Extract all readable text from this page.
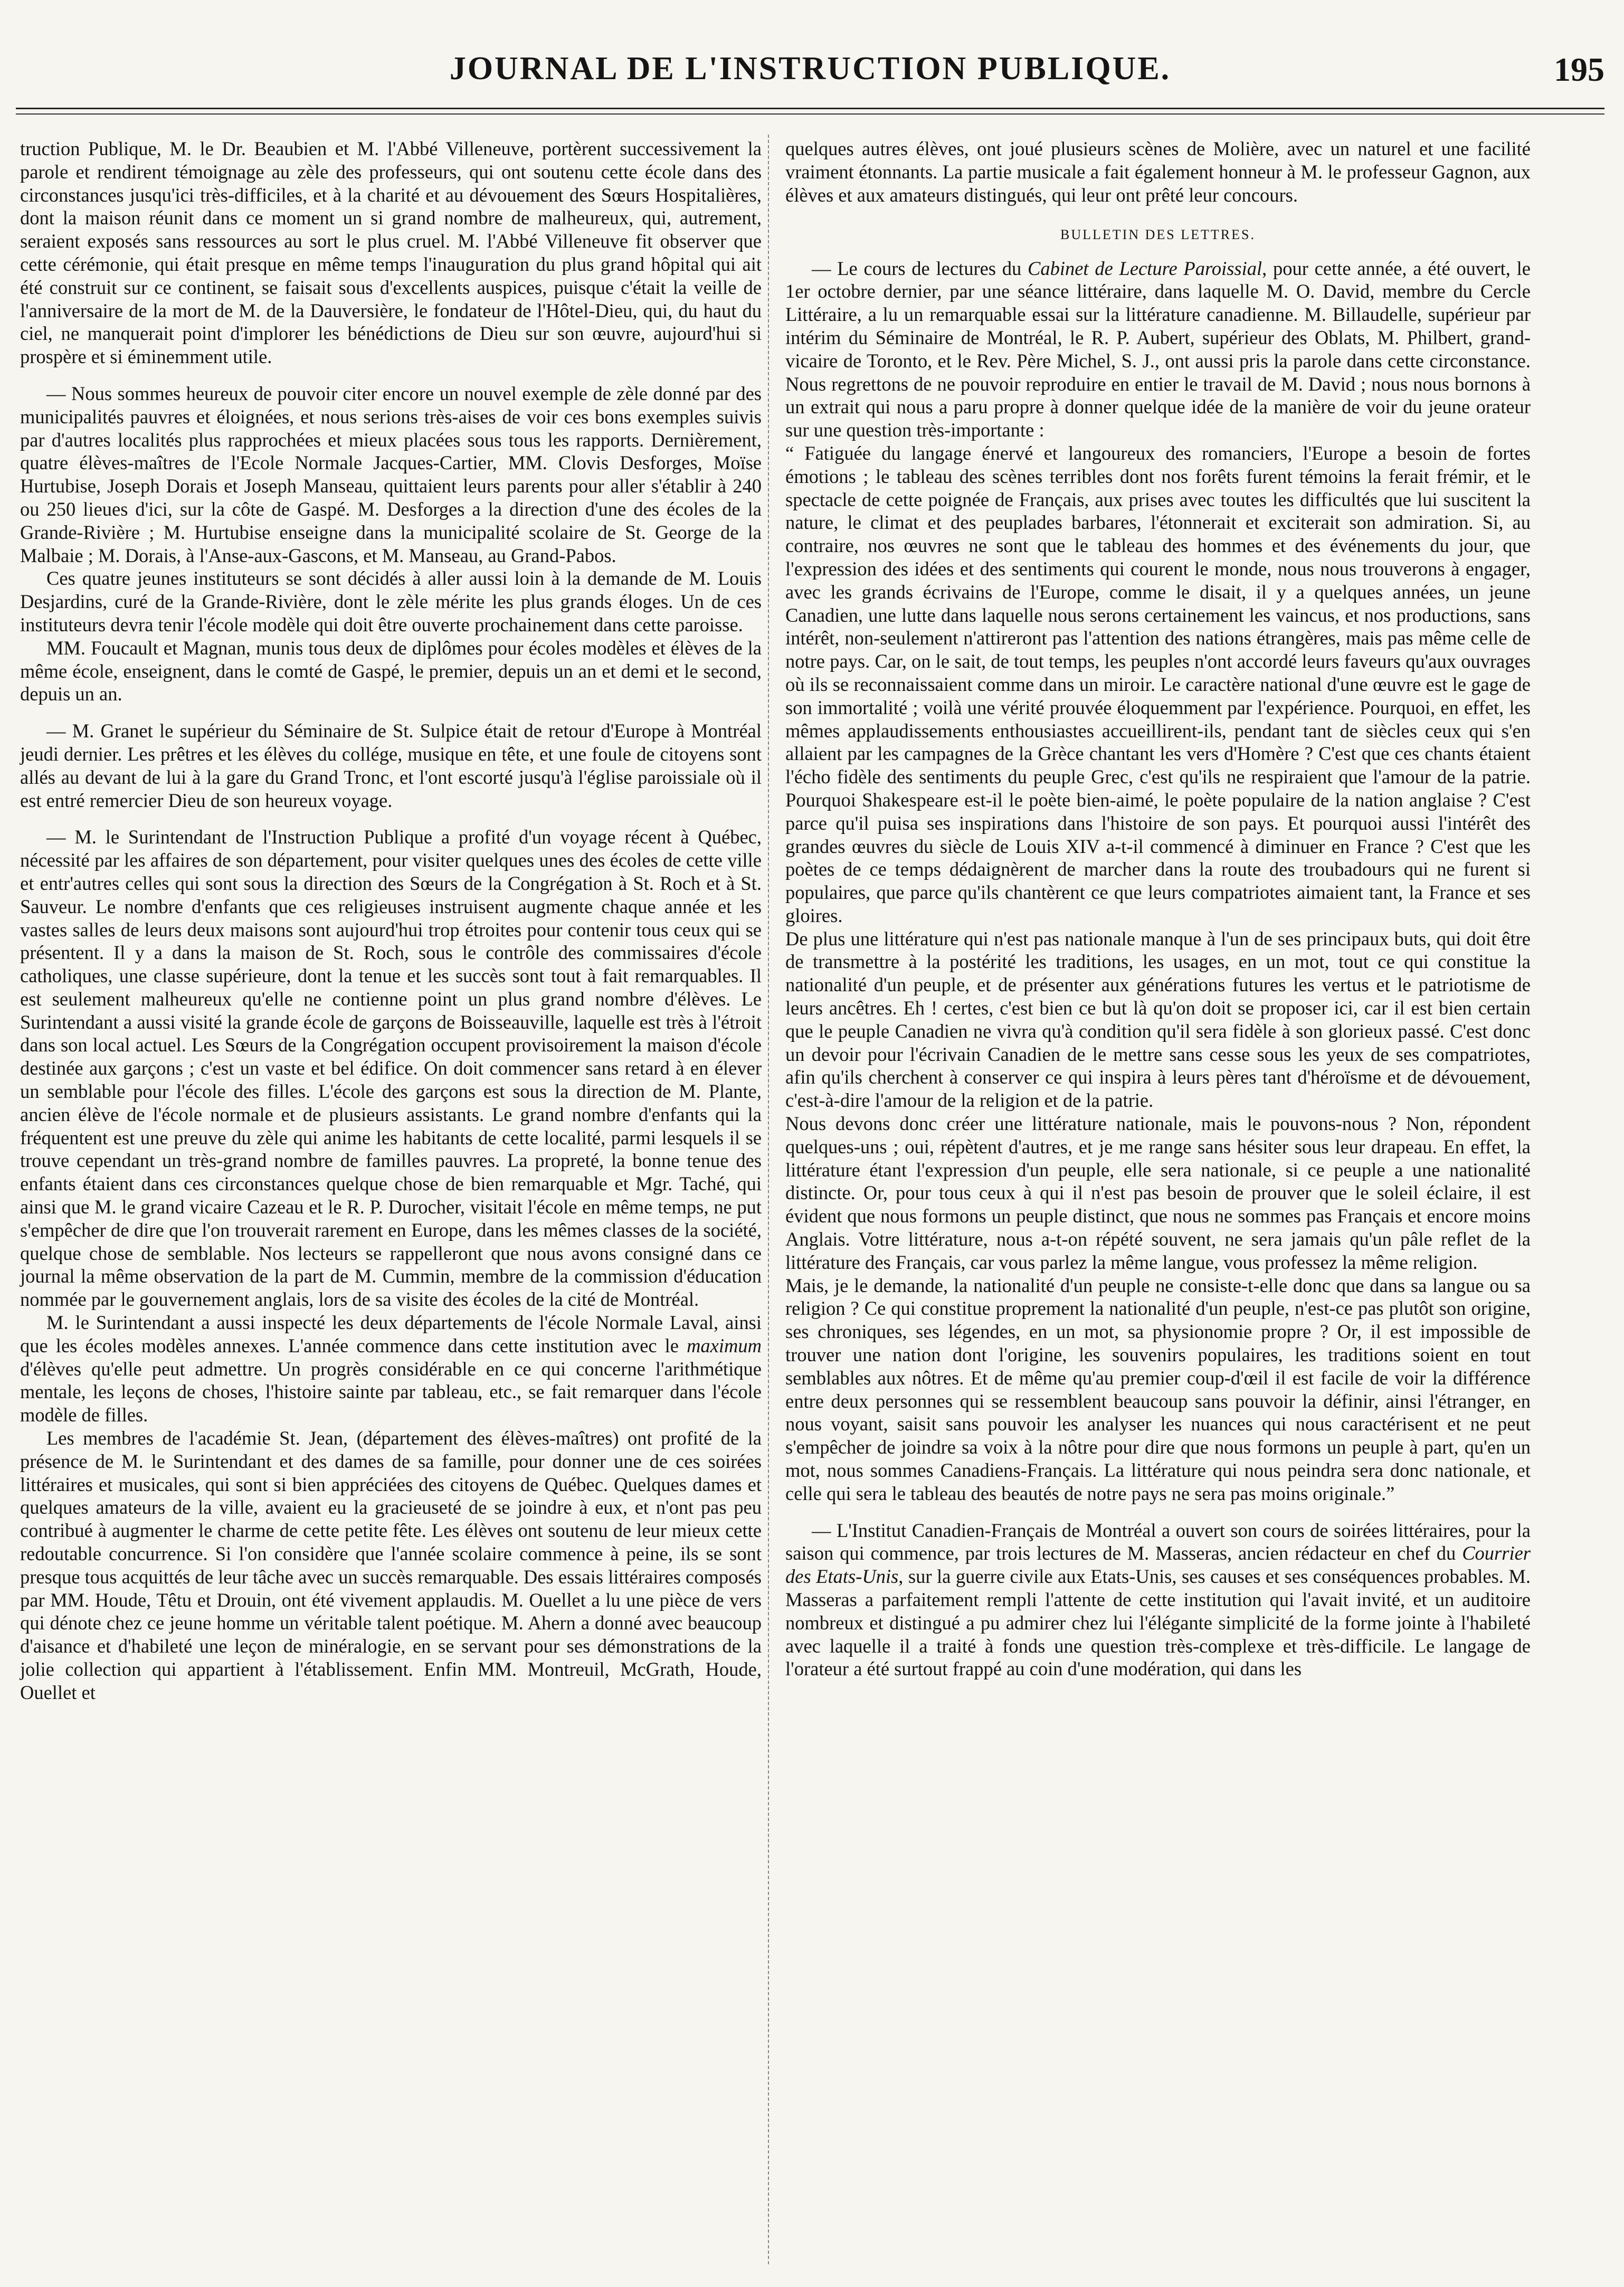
JOURNAL DE L'INSTRUCTION PUBLIQUE.	195

truction Publique, M. le Dr. Beaubien et M. l'Abbé Villeneuve, portèrent successivement la parole et rendirent témoignage au zèle des professeurs, qui ont soutenu cette école dans des circonstances jusqu'ici très-difficiles, et à la charité et au dévouement des Sœurs Hospitalières, dont la maison réunit dans ce moment un si grand nombre de malheureux, qui, autrement, seraient exposés sans ressources au sort le plus cruel. M. l'Abbé Villeneuve fit observer que cette cérémonie, qui était presque en même temps l'inauguration du plus grand hôpital qui ait été construit sur ce continent, se faisait sous d'excellents auspices, puisque c'était la veille de l'anniversaire de la mort de M. de la Dauversière, le fondateur de l'Hôtel-Dieu, qui, du haut du ciel, ne manquerait point d'implorer les bénédictions de Dieu sur son œuvre, aujourd'hui si prospère et si éminemment utile.

— Nous sommes heureux de pouvoir citer encore un nouvel exemple de zèle donné par des municipalités pauvres et éloignées, et nous serions très-aises de voir ces bons exemples suivis par d'autres localités plus rapprochées et mieux placées sous tous les rapports. Dernièrement, quatre élèves-maîtres de l'Ecole Normale Jacques-Cartier, MM. Clovis Desforges, Moïse Hurtubise, Joseph Dorais et Joseph Manseau, quittaient leurs parents pour aller s'établir à 240 ou 250 lieues d'ici, sur la côte de Gaspé. M. Desforges a la direction d'une des écoles de la Grande-Rivière ; M. Hurtubise enseigne dans la municipalité scolaire de St. George de la Malbaie ; M. Dorais, à l'Anse-aux-Gascons, et M. Manseau, au Grand-Pabos.

Ces quatre jeunes instituteurs se sont décidés à aller aussi loin à la demande de M. Louis Desjardins, curé de la Grande-Rivière, dont le zèle mérite les plus grands éloges. Un de ces instituteurs devra tenir l'école modèle qui doit être ouverte prochainement dans cette paroisse.

MM. Foucault et Magnan, munis tous deux de diplômes pour écoles modèles et élèves de la même école, enseignent, dans le comté de Gaspé, le premier, depuis un an et demi et le second, depuis un an.

— M. Granet le supérieur du Séminaire de St. Sulpice était de retour d'Europe à Montréal jeudi dernier. Les prêtres et les élèves du collége, musique en tête, et une foule de citoyens sont allés au devant de lui à la gare du Grand Tronc, et l'ont escorté jusqu'à l'église paroissiale où il est entré remercier Dieu de son heureux voyage.

— M. le Surintendant de l'Instruction Publique a profité d'un voyage récent à Québec, nécessité par les affaires de son département, pour visiter quelques unes des écoles de cette ville et entr'autres celles qui sont sous la direction des Sœurs de la Congrégation à St. Roch et à St. Sauveur. Le nombre d'enfants que ces religieuses instruisent augmente chaque année et les vastes salles de leurs deux maisons sont aujourd'hui trop étroites pour contenir tous ceux qui se présentent. Il y a dans la maison de St. Roch, sous le contrôle des commissaires d'école catholiques, une classe supérieure, dont la tenue et les succès sont tout à fait remarquables. Il est seulement malheureux qu'elle ne contienne point un plus grand nombre d'élèves. Le Surintendant a aussi visité la grande école de garçons de Boisseauville, laquelle est très à l'étroit dans son local actuel. Les Sœurs de la Congrégation occupent provisoirement la maison d'école destinée aux garçons ; c'est un vaste et bel édifice. On doit commencer sans retard à en élever un semblable pour l'école des filles. L'école des garçons est sous la direction de M. Plante, ancien élève de l'école normale et de plusieurs assistants. Le grand nombre d'enfants qui la fréquentent est une preuve du zèle qui anime les habitants de cette localité, parmi lesquels il se trouve cependant un très-grand nombre de familles pauvres. La propreté, la bonne tenue des enfants étaient dans ces circonstances quelque chose de bien remarquable et Mgr. Taché, qui ainsi que M. le grand vicaire Cazeau et le R. P. Durocher, visitait l'école en même temps, ne put s'empêcher de dire que l'on trouverait rarement en Europe, dans les mêmes classes de la société, quelque chose de semblable. Nos lecteurs se rappelleront que nous avons consigné dans ce journal la même observation de la part de M. Cummin, membre de la commission d'éducation nommée par le gouvernement anglais, lors de sa visite des écoles de la cité de Montréal.

M. le Surintendant a aussi inspecté les deux départements de l'école Normale Laval, ainsi que les écoles modèles annexes. L'année commence dans cette institution avec le maximum d'élèves qu'elle peut admettre. Un progrès considérable en ce qui concerne l'arithmétique mentale, les leçons de choses, l'histoire sainte par tableau, etc., se fait remarquer dans l'école modèle de filles.

Les membres de l'académie St. Jean, (département des élèves-maîtres) ont profité de la présence de M. le Surintendant et des dames de sa famille, pour donner une de ces soirées littéraires et musicales, qui sont si bien appréciées des citoyens de Québec. Quelques dames et quelques amateurs de la ville, avaient eu la gracieuseté de se joindre à eux, et n'ont pas peu contribué à augmenter le charme de cette petite fête. Les élèves ont soutenu de leur mieux cette redoutable concurrence. Si l'on considère que l'année scolaire commence à peine, ils se sont presque tous acquittés de leur tâche avec un succès remarquable. Des essais littéraires composés par MM. Houde, Têtu et Drouin, ont été vivement applaudis. M. Ouellet a lu une pièce de vers qui dénote chez ce jeune homme un véritable talent poétique. M. Ahern a donné avec beaucoup d'aisance et d'habileté une leçon de minéralogie, en se servant pour ses démonstrations de la jolie collection qui appartient à l'établissement. Enfin MM. Montreuil, McGrath, Houde, Ouellet et

quelques autres élèves, ont joué plusieurs scènes de Molière, avec un naturel et une facilité vraiment étonnants. La partie musicale a fait également honneur à M. le professeur Gagnon, aux élèves et aux amateurs distingués, qui leur ont prêté leur concours.

BULLETIN DES LETTRES.

— Le cours de lectures du Cabinet de Lecture Paroissial, pour cette année, a été ouvert, le 1er octobre dernier, par une séance littéraire, dans laquelle M. O. David, membre du Cercle Littéraire, a lu un remarquable essai sur la littérature canadienne. M. Billaudelle, supérieur par intérim du Séminaire de Montréal, le R. P. Aubert, supérieur des Oblats, M. Philbert, grand-vicaire de Toronto, et le Rev. Père Michel, S. J., ont aussi pris la parole dans cette circonstance. Nous regrettons de ne pouvoir reproduire en entier le travail de M. David ; nous nous bornons à un extrait qui nous a paru propre à donner quelque idée de la manière de voir du jeune orateur sur une question très-importante :

“ Fatiguée du langage énervé et langoureux des romanciers, l'Europe a besoin de fortes émotions ; le tableau des scènes terribles dont nos forêts furent témoins la ferait frémir, et le spectacle de cette poignée de Français, aux prises avec toutes les difficultés que lui suscitent la nature, le climat et des peuplades barbares, l'étonnerait et exciterait son admiration. Si, au contraire, nos œuvres ne sont que le tableau des hommes et des événements du jour, que l'expression des idées et des sentiments qui courent le monde, nous nous trouverons à engager, avec les grands écrivains de l'Europe, comme le disait, il y a quelques années, un jeune Canadien, une lutte dans laquelle nous serons certainement les vaincus, et nos productions, sans intérêt, non-seulement n'attireront pas l'attention des nations étrangères, mais pas même celle de notre pays. Car, on le sait, de tout temps, les peuples n'ont accordé leurs faveurs qu'aux ouvrages où ils se reconnaissaient comme dans un miroir. Le caractère national d'une œuvre est le gage de son immortalité ; voilà une vérité prouvée éloquemment par l'expérience. Pourquoi, en effet, les mêmes applaudissements enthousiastes accueillirent-ils, pendant tant de siècles ceux qui s'en allaient par les campagnes de la Grèce chantant les vers d'Homère ? C'est que ces chants étaient l'écho fidèle des sentiments du peuple Grec, c'est qu'ils ne respiraient que l'amour de la patrie. Pourquoi Shakespeare est-il le poète bien-aimé, le poète populaire de la nation anglaise ? C'est parce qu'il puisa ses inspirations dans l'histoire de son pays. Et pourquoi aussi l'intérêt des grandes œuvres du siècle de Louis XIV a-t-il commencé à diminuer en France ? C'est que les poètes de ce temps dédaignèrent de marcher dans la route des troubadours qui ne furent si populaires, que parce qu'ils chantèrent ce que leurs compatriotes aimaient tant, la France et ses gloires.

De plus une littérature qui n'est pas nationale manque à l'un de ses principaux buts, qui doit être de transmettre à la postérité les traditions, les usages, en un mot, tout ce qui constitue la nationalité d'un peuple, et de présenter aux générations futures les vertus et le patriotisme de leurs ancêtres. Eh ! certes, c'est bien ce but là qu'on doit se proposer ici, car il est bien certain que le peuple Canadien ne vivra qu'à condition qu'il sera fidèle à son glorieux passé. C'est donc un devoir pour l'écrivain Canadien de le mettre sans cesse sous les yeux de ses compatriotes, afin qu'ils cherchent à conserver ce qui inspira à leurs pères tant d'héroïsme et de dévouement, c'est-à-dire l'amour de la religion et de la patrie.

Nous devons donc créer une littérature nationale, mais le pouvons-nous ? Non, répondent quelques-uns ; oui, répètent d'autres, et je me range sans hésiter sous leur drapeau. En effet, la littérature étant l'expression d'un peuple, elle sera nationale, si ce peuple a une nationalité distincte. Or, pour tous ceux à qui il n'est pas besoin de prouver que le soleil éclaire, il est évident que nous formons un peuple distinct, que nous ne sommes pas Français et encore moins Anglais. Votre littérature, nous a-t-on répété souvent, ne sera jamais qu'un pâle reflet de la littérature des Français, car vous parlez la même langue, vous professez la même religion.

Mais, je le demande, la nationalité d'un peuple ne consiste-t-elle donc que dans sa langue ou sa religion ? Ce qui constitue proprement la nationalité d'un peuple, n'est-ce pas plutôt son origine, ses chroniques, ses légendes, en un mot, sa physionomie propre ? Or, il est impossible de trouver une nation dont l'origine, les souvenirs populaires, les traditions soient en tout semblables aux nôtres. Et de même qu'au premier coup-d'œil il est facile de voir la différence entre deux personnes qui se ressemblent beaucoup sans pouvoir la définir, ainsi l'étranger, en nous voyant, saisit sans pouvoir les analyser les nuances qui nous caractérisent et ne peut s'empêcher de joindre sa voix à la nôtre pour dire que nous formons un peuple à part, qu'en un mot, nous sommes Canadiens-Français. La littérature qui nous peindra sera donc nationale, et celle qui sera le tableau des beautés de notre pays ne sera pas moins originale.”

— L'Institut Canadien-Français de Montréal a ouvert son cours de soirées littéraires, pour la saison qui commence, par trois lectures de M. Masseras, ancien rédacteur en chef du Courrier des Etats-Unis, sur la guerre civile aux Etats-Unis, ses causes et ses conséquences probables. M. Masseras a parfaitement rempli l'attente de cette institution qui l'avait invité, et un auditoire nombreux et distingué a pu admirer chez lui l'élégante simplicité de la forme jointe à l'habileté avec laquelle il a traité à fonds une question très-complexe et très-difficile. Le langage de l'orateur a été surtout frappé au coin d'une modération, qui dans les
